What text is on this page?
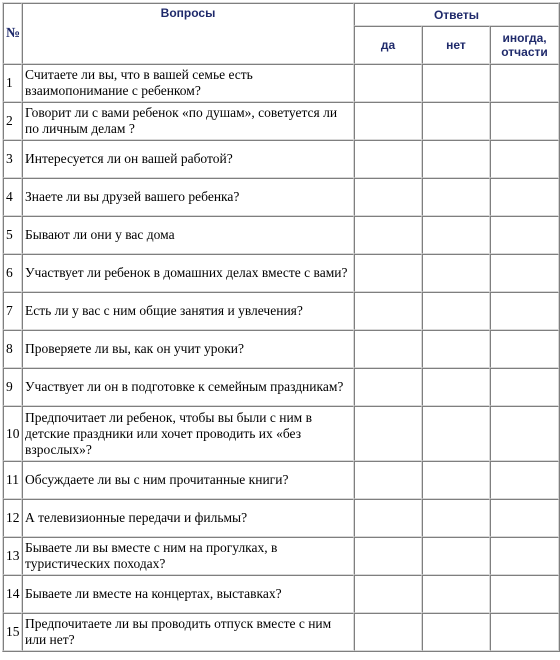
№	Вопросы	Ответы		
		да	нет	иногда, отчасти
1	Считаете ли вы, что в вашей семье есть взаимопонимание с ребенком?			
2	Говорит ли с вами ребенок «по душам», советуется ли по личным делам ?			
3	Интересуется ли он вашей работой?			
4	Знаете ли вы друзей вашего ребенка?			
5	Бывают ли они у вас дома			
6	Участвует ли ребенок в домашних делах вместе с вами?			
7	Есть ли у вас с ним общие занятия и увлечения?			
8	Проверяете ли вы, как он учит уроки?			
9	Участвует ли он в подготовке к семейным праздникам?			
10	Предпочитает ли ребенок, чтобы вы были с ним в детские праздники или хочет проводить их «без взрослых»?			
11	Обсуждаете ли вы с ним прочитанные книги?			
12	А телевизионные передачи и фильмы?			
13	Бываете ли вы вместе с ним на прогулках, в туристических походах?			
14	Бываете ли вместе на концертах, выставках?			
15	Предпочитаете ли вы проводить отпуск вместе с ним или нет?			
